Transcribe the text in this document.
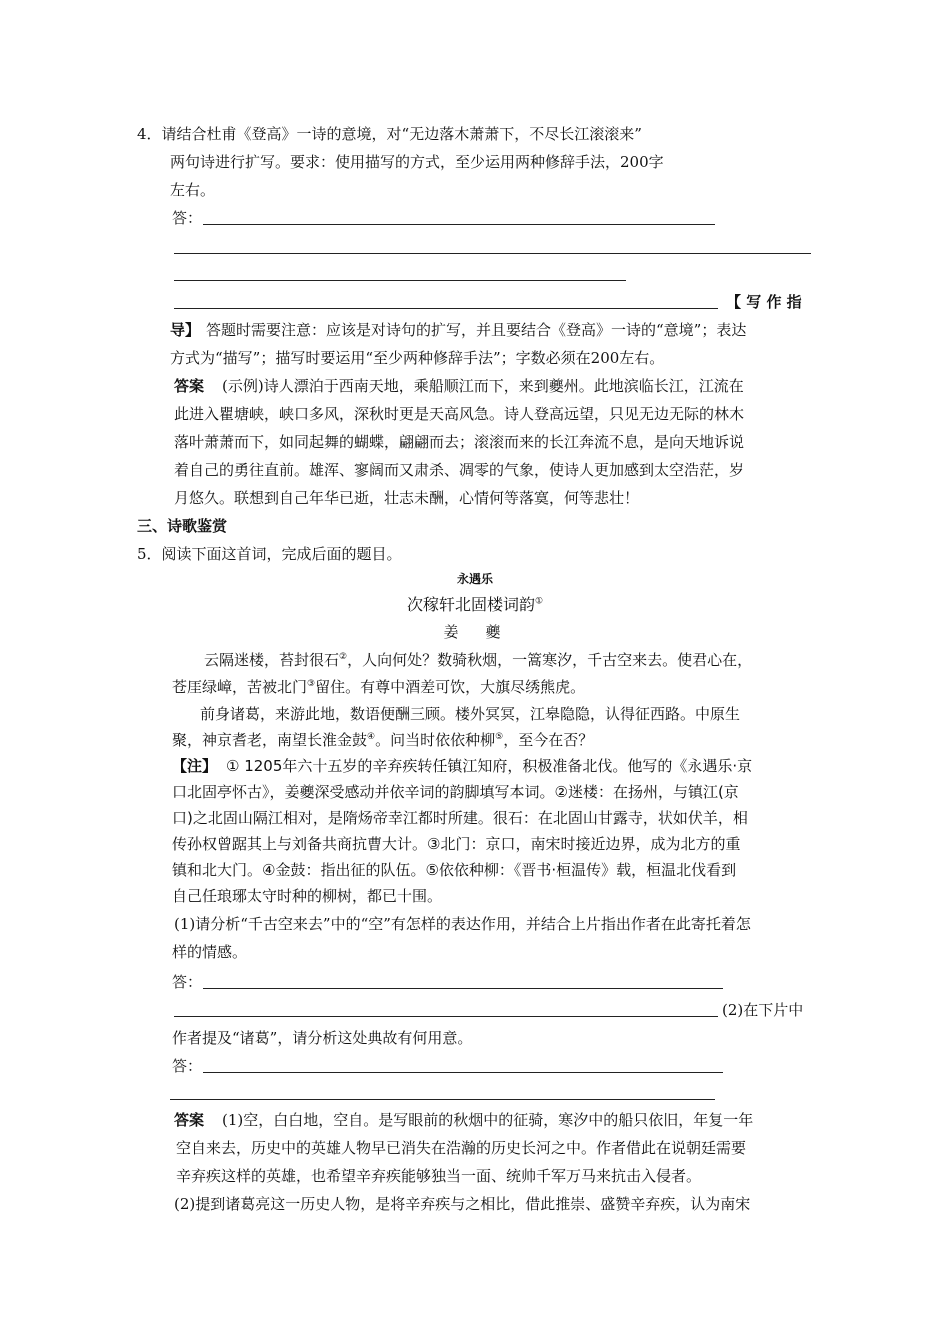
4．请结合杜甫《登高》一诗的意境，对“无边落木萧萧下，不尽长江滚滚来”
两句诗进行扩写。要求：使用描写的方式，至少运用两种修辞手法，200字
左右。
答：
【 写 作 指
导】 答题时需要注意：应该是对诗句的扩写，并且要结合《登高》一诗的“意境”；表达
方式为“描写”；描写时要运用“至少两种修辞手法”；字数必须在200左右。
答案 (示例)诗人漂泊于西南天地，乘船顺江而下，来到夔州。此地滨临长江，江流在
此进入瞿塘峡，峡口多风，深秋时更是天高风急。诗人登高远望，只见无边无际的林木
落叶萧萧而下，如同起舞的蝴蝶，翩翩而去；滚滚而来的长江奔流不息，是向天地诉说
着自己的勇往直前。雄浑、寥阔而又肃杀、凋零的气象，使诗人更加感到太空浩茫，岁
月悠久。联想到自己年华已逝，壮志未酬，心情何等落寞，何等悲壮！
三、诗歌鉴赏
5．阅读下面这首词，完成后面的题目。
永遇乐
次稼轩北固楼词韵①
姜　夔
云隔迷楼，苔封很石②，人向何处？数骑秋烟，一篙寒汐，千古空来去。使君心在，
苍厓绿嶂，苦被北门③留住。有尊中酒差可饮，大旗尽绣熊虎。
前身诸葛，来游此地，数语便酬三顾。楼外冥冥，江皋隐隐，认得征西路。中原生
聚，神京耆老，南望长淮金鼓④。问当时依依种柳⑤，至今在否？
【注】 ① 1205年六十五岁的辛弃疾转任镇江知府，积极准备北伐。他写的《永遇乐·京
口北固亭怀古》，姜夔深受感动并依辛词的韵脚填写本词。②迷楼：在扬州，与镇江(京
口)之北固山隔江相对，是隋炀帝幸江都时所建。很石：在北固山甘露寺，状如伏羊，相
传孙权曾踞其上与刘备共商抗曹大计。③北门：京口，南宋时接近边界，成为北方的重
镇和北大门。④金鼓：指出征的队伍。⑤依依种柳：《晋书·桓温传》载，桓温北伐看到
自己任琅琊太守时种的柳树，都已十围。
(1)请分析“千古空来去”中的“空”有怎样的表达作用，并结合上片指出作者在此寄托着怎
样的情感。
答：
(2)在下片中
作者提及“诸葛”，请分析这处典故有何用意。
答：
答案 (1)空，白白地，空自。是写眼前的秋烟中的征骑，寒汐中的船只依旧，年复一年
空自来去，历史中的英雄人物早已消失在浩瀚的历史长河之中。作者借此在说朝廷需要
辛弃疾这样的英雄，也希望辛弃疾能够独当一面、统帅千军万马来抗击入侵者。
(2)提到诸葛亮这一历史人物，是将辛弃疾与之相比，借此推崇、盛赞辛弃疾，认为南宋
